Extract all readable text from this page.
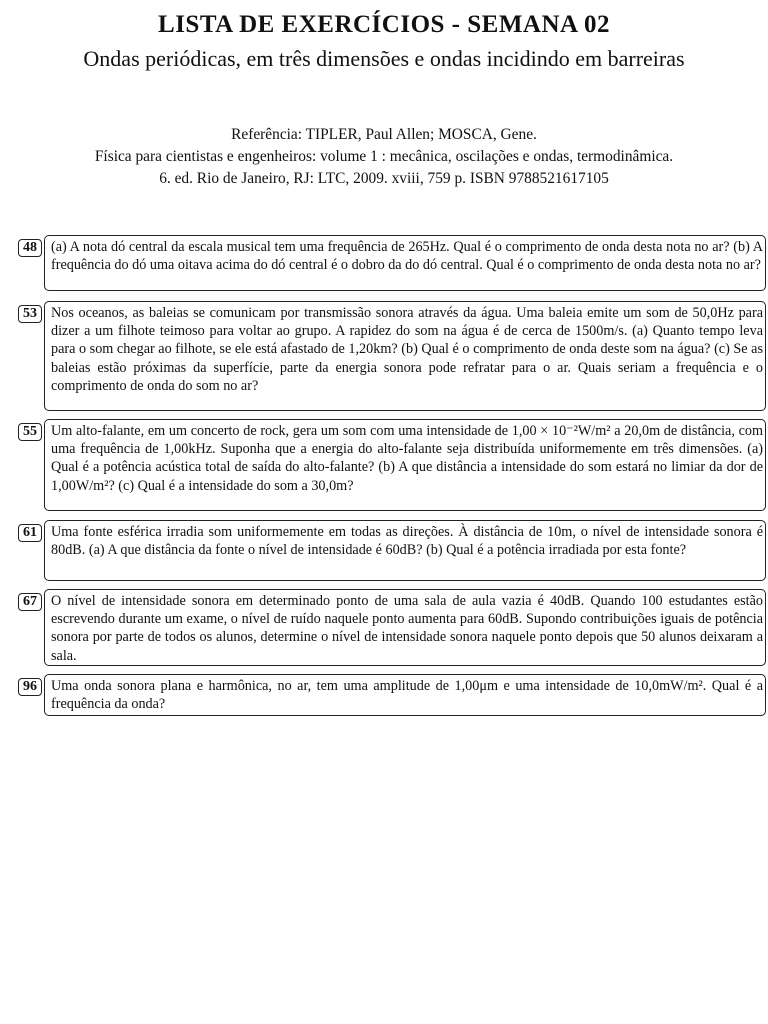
LISTA DE EXERCÍCIOS - SEMANA 02
Ondas periódicas, em três dimensões e ondas incidindo em barreiras
Referência: TIPLER, Paul Allen; MOSCA, Gene.
Física para cientistas e engenheiros: volume 1 : mecânica, oscilações e ondas, termodinâmica.
6. ed. Rio de Janeiro, RJ: LTC, 2009. xviii, 759 p. ISBN 9788521617105
48 (a) A nota dó central da escala musical tem uma frequência de 265Hz. Qual é o comprimento de onda desta nota no ar? (b) A frequência do dó uma oitava acima do dó central é o dobro da do dó central. Qual é o comprimento de onda desta nota no ar?
53 Nos oceanos, as baleias se comunicam por transmissão sonora através da água. Uma baleia emite um som de 50,0Hz para dizer a um filhote teimoso para voltar ao grupo. A rapidez do som na água é de cerca de 1500m/s. (a) Quanto tempo leva para o som chegar ao filhote, se ele está afastado de 1,20km? (b) Qual é o comprimento de onda deste som na água? (c) Se as baleias estão próximas da superfície, parte da energia sonora pode refratar para o ar. Quais seriam a frequência e o comprimento de onda do som no ar?
55 Um alto-falante, em um concerto de rock, gera um som com uma intensidade de 1,00 × 10⁻²W/m² a 20,0m de distância, com uma frequência de 1,00kHz. Suponha que a energia do alto-falante seja distribuída uniformemente em três dimensões. (a) Qual é a potência acústica total de saída do alto-falante? (b) A que distância a intensidade do som estará no limiar da dor de 1,00W/m²? (c) Qual é a intensidade do som a 30,0m?
61 Uma fonte esférica irradia som uniformemente em todas as direções. À distância de 10m, o nível de intensidade sonora é 80dB. (a) A que distância da fonte o nível de intensidade é 60dB? (b) Qual é a potência irradiada por esta fonte?
67 O nível de intensidade sonora em determinado ponto de uma sala de aula vazia é 40dB. Quando 100 estudantes estão escrevendo durante um exame, o nível de ruído naquele ponto aumenta para 60dB. Supondo contribuições iguais de potência sonora por parte de todos os alunos, determine o nível de intensidade sonora naquele ponto depois que 50 alunos deixaram a sala.
96 Uma onda sonora plana e harmônica, no ar, tem uma amplitude de 1,00μm e uma intensidade de 10,0mW/m². Qual é a frequência da onda?
